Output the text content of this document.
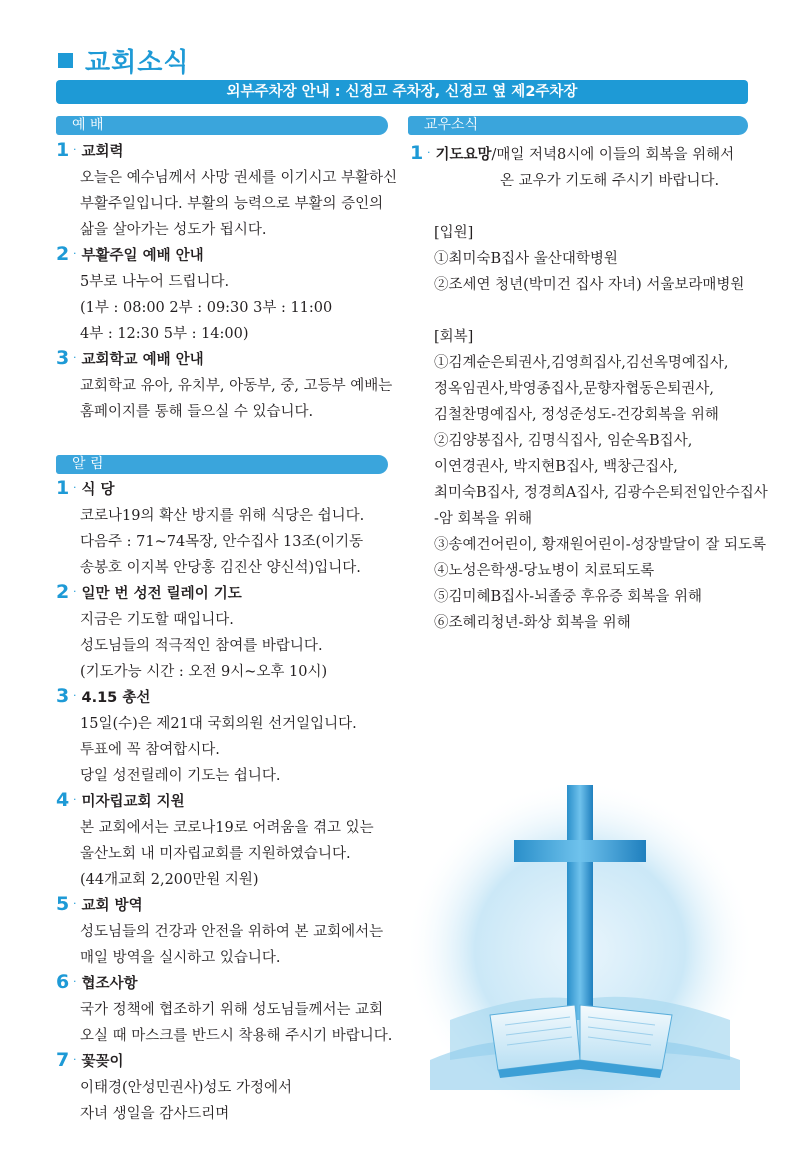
교회소식
외부주차장 안내 : 신정고 주차장, 신정고 옆 제2주차장
예 배
1 · 교회력
오늘은 예수님께서 사망 권세를 이기시고 부활하신
부활주일입니다. 부활의 능력으로 부활의 증인의
삶을 살아가는 성도가 됩시다.
2 · 부활주일 예배 안내
5부로 나누어 드립니다.
(1부 : 08:00 2부 : 09:30 3부 : 11:00
4부 : 12:30 5부 : 14:00)
3 · 교회학교 예배 안내
교회학교 유아, 유치부, 아동부, 중, 고등부 예배는
홈페이지를 통해 들으실 수 있습니다.
알 림
1 · 식 당
코로나19의 확산 방지를 위해 식당은 쉽니다.
다음주 : 71~74목장, 안수집사 13조(이기동
송봉호 이지복 안당홍 김진산 양신석)입니다.
2 · 일만 번 성전 릴레이 기도
지금은 기도할 때입니다.
성도님들의 적극적인 참여를 바랍니다.
(기도가능 시간 : 오전 9시~오후 10시)
3 · 4.15 총선
15일(수)은 제21대 국회의원 선거일입니다.
투표에 꼭 참여합시다.
당일 성전릴레이 기도는 쉽니다.
4 · 미자립교회 지원
본 교회에서는 코로나19로 어려움을 겪고 있는
울산노회 내 미자립교회를 지원하였습니다.
(44개교회 2,200만원 지원)
5 · 교회 방역
성도님들의 건강과 안전을 위하여 본 교회에서는
매일 방역을 실시하고 있습니다.
6 · 협조사항
국가 정책에 협조하기 위해 성도님들께서는 교회
오실 때 마스크를 반드시 착용해 주시기 바랍니다.
7 · 꽃꽂이
이태경(안성민권사)성도 가정에서
자녀 생일을 감사드리며
교우소식
1 · 기도요망/매일 저녁8시에 이들의 회복을 위해서
온 교우가 기도해 주시기 바랍니다.
[입원]
①최미숙B집사 울산대학병원
②조세연 청년(박미건 집사 자녀) 서울보라매병원
[회복]
①김계순은퇴권사,김영희집사,김선옥명예집사,
정옥임권사,박영종집사,문향자협동은퇴권사,
김철찬명예집사, 정성준성도-건강회복을 위해
②김양봉집사, 김명식집사, 임순옥B집사,
이연경권사, 박지현B집사, 백창근집사,
최미숙B집사, 정경희A집사, 김광수은퇴전입안수집사
-암 회복을 위해
③송예건어린이, 황재원어린이-성장발달이 잘 되도록
④노성은학생-당뇨병이 치료되도록
⑤김미혜B집사-뇌졸중 후유증 회복을 위해
⑥조혜리청년-화상 회복을 위해
